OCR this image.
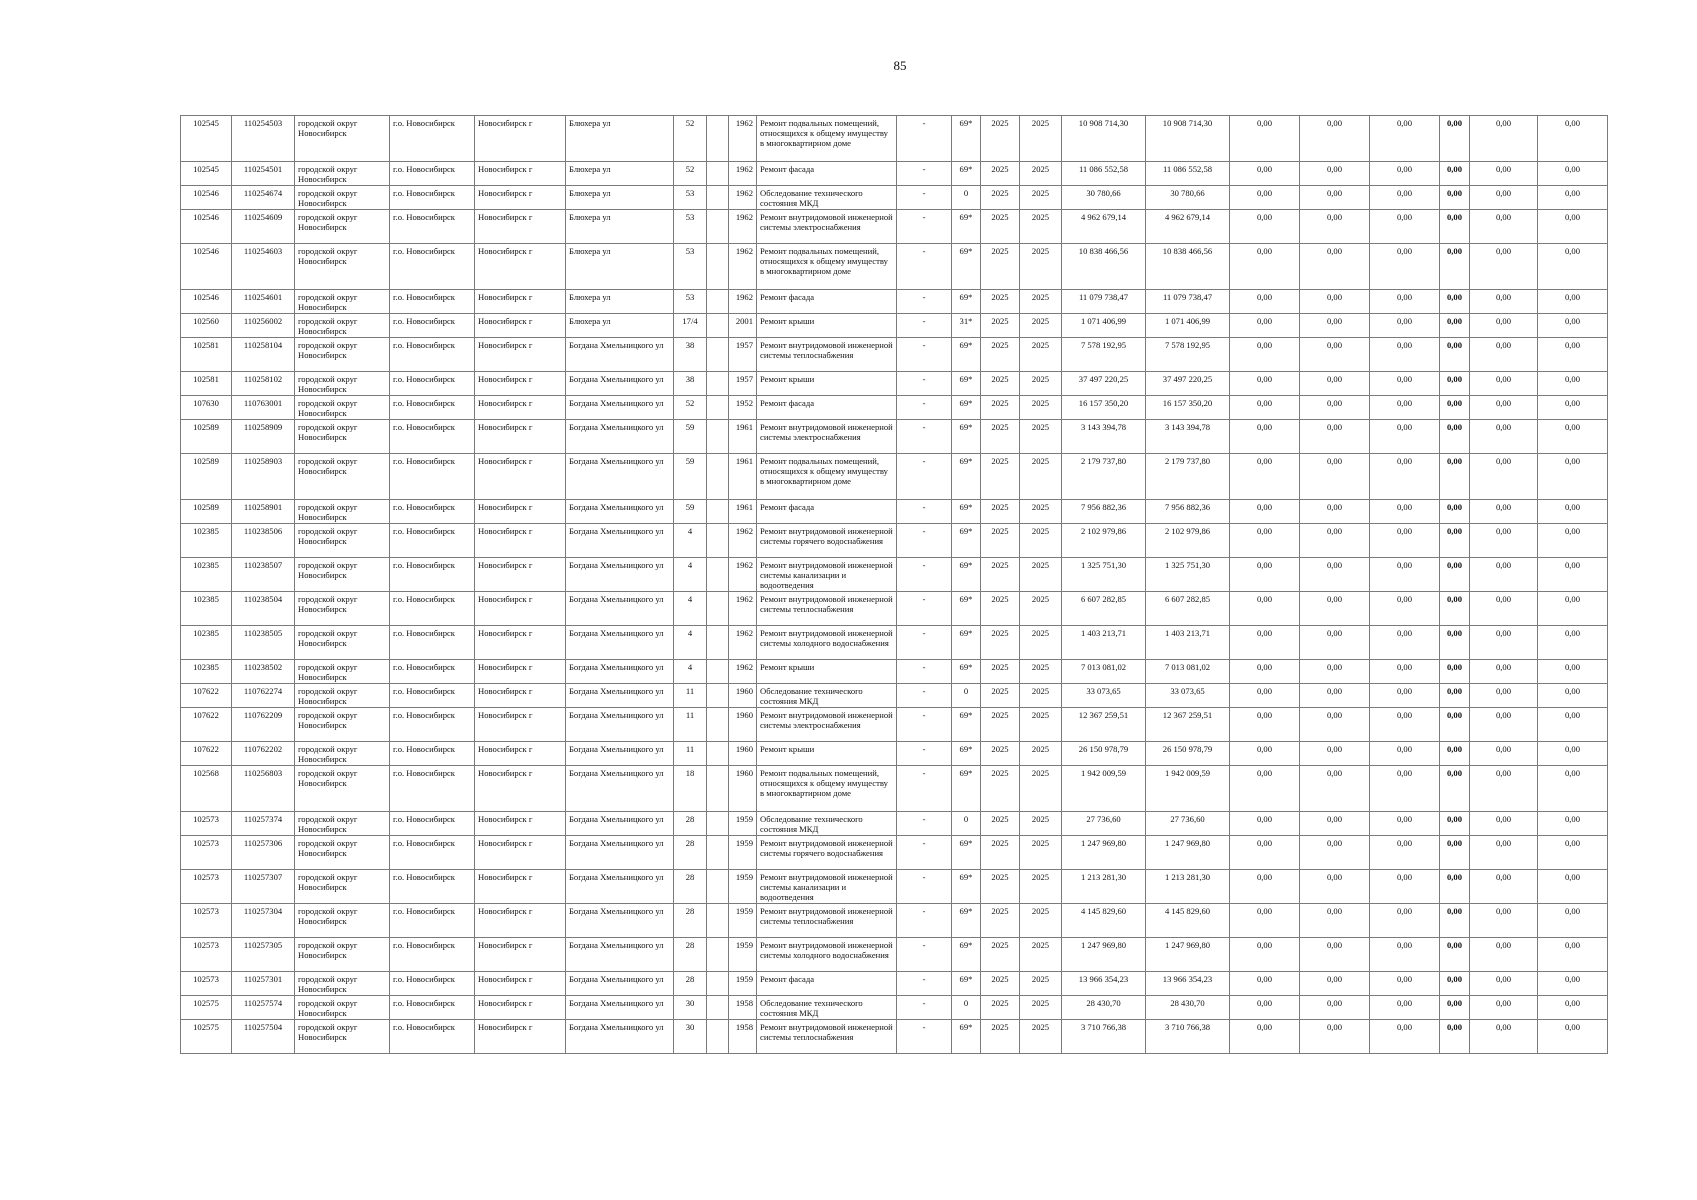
85
102545	110254503	городской округ Новосибирск	г.о. Новосибирск	Новосибирск г	Блюхера ул	52		1962	Ремонт подвальных помещений, относящихся к общему имуществу в многоквартирном доме	-	69*	2025	2025	10 908 714,30	10 908 714,30	0,00	0,00	0,00	0,00	0,00	0,00
102545	110254501	городской округ Новосибирск	г.о. Новосибирск	Новосибирск г	Блюхера ул	52		1962	Ремонт фасада	-	69*	2025	2025	11 086 552,58	11 086 552,58	0,00	0,00	0,00	0,00	0,00	0,00
102546	110254674	городской округ Новосибирск	г.о. Новосибирск	Новосибирск г	Блюхера ул	53		1962	Обследование технического состояния МКД	-	0	2025	2025	30 780,66	30 780,66	0,00	0,00	0,00	0,00	0,00	0,00
102546	110254609	городской округ Новосибирск	г.о. Новосибирск	Новосибирск г	Блюхера ул	53		1962	Ремонт внутридомовой инженерной системы электроснабжения	-	69*	2025	2025	4 962 679,14	4 962 679,14	0,00	0,00	0,00	0,00	0,00	0,00
102546	110254603	городской округ Новосибирск	г.о. Новосибирск	Новосибирск г	Блюхера ул	53		1962	Ремонт подвальных помещений, относящихся к общему имуществу в многоквартирном доме	-	69*	2025	2025	10 838 466,56	10 838 466,56	0,00	0,00	0,00	0,00	0,00	0,00
102546	110254601	городской округ Новосибирск	г.о. Новосибирск	Новосибирск г	Блюхера ул	53		1962	Ремонт фасада	-	69*	2025	2025	11 079 738,47	11 079 738,47	0,00	0,00	0,00	0,00	0,00	0,00
102560	110256002	городской округ Новосибирск	г.о. Новосибирск	Новосибирск г	Блюхера ул	17/4		2001	Ремонт крыши	-	31*	2025	2025	1 071 406,99	1 071 406,99	0,00	0,00	0,00	0,00	0,00	0,00
102581	110258104	городской округ Новосибирск	г.о. Новосибирск	Новосибирск г	Богдана Хмельницкого ул	38		1957	Ремонт внутридомовой инженерной системы теплоснабжения	-	69*	2025	2025	7 578 192,95	7 578 192,95	0,00	0,00	0,00	0,00	0,00	0,00
102581	110258102	городской округ Новосибирск	г.о. Новосибирск	Новосибирск г	Богдана Хмельницкого ул	38		1957	Ремонт крыши	-	69*	2025	2025	37 497 220,25	37 497 220,25	0,00	0,00	0,00	0,00	0,00	0,00
107630	110763001	городской округ Новосибирск	г.о. Новосибирск	Новосибирск г	Богдана Хмельницкого ул	52		1952	Ремонт фасада	-	69*	2025	2025	16 157 350,20	16 157 350,20	0,00	0,00	0,00	0,00	0,00	0,00
102589	110258909	городской округ Новосибирск	г.о. Новосибирск	Новосибирск г	Богдана Хмельницкого ул	59		1961	Ремонт внутридомовой инженерной системы электроснабжения	-	69*	2025	2025	3 143 394,78	3 143 394,78	0,00	0,00	0,00	0,00	0,00	0,00
102589	110258903	городской округ Новосибирск	г.о. Новосибирск	Новосибирск г	Богдана Хмельницкого ул	59		1961	Ремонт подвальных помещений, относящихся к общему имуществу в многоквартирном доме	-	69*	2025	2025	2 179 737,80	2 179 737,80	0,00	0,00	0,00	0,00	0,00	0,00
102589	110258901	городской округ Новосибирск	г.о. Новосибирск	Новосибирск г	Богдана Хмельницкого ул	59		1961	Ремонт фасада	-	69*	2025	2025	7 956 882,36	7 956 882,36	0,00	0,00	0,00	0,00	0,00	0,00
102385	110238506	городской округ Новосибирск	г.о. Новосибирск	Новосибирск г	Богдана Хмельницкого ул	4		1962	Ремонт внутридомовой инженерной системы горячего водоснабжения	-	69*	2025	2025	2 102 979,86	2 102 979,86	0,00	0,00	0,00	0,00	0,00	0,00
102385	110238507	городской округ Новосибирск	г.о. Новосибирск	Новосибирск г	Богдана Хмельницкого ул	4		1962	Ремонт внутридомовой инженерной системы канализации и водоотведения	-	69*	2025	2025	1 325 751,30	1 325 751,30	0,00	0,00	0,00	0,00	0,00	0,00
102385	110238504	городской округ Новосибирск	г.о. Новосибирск	Новосибирск г	Богдана Хмельницкого ул	4		1962	Ремонт внутридомовой инженерной системы теплоснабжения	-	69*	2025	2025	6 607 282,85	6 607 282,85	0,00	0,00	0,00	0,00	0,00	0,00
102385	110238505	городской округ Новосибирск	г.о. Новосибирск	Новосибирск г	Богдана Хмельницкого ул	4		1962	Ремонт внутридомовой инженерной системы холодного водоснабжения	-	69*	2025	2025	1 403 213,71	1 403 213,71	0,00	0,00	0,00	0,00	0,00	0,00
102385	110238502	городской округ Новосибирск	г.о. Новосибирск	Новосибирск г	Богдана Хмельницкого ул	4		1962	Ремонт крыши	-	69*	2025	2025	7 013 081,02	7 013 081,02	0,00	0,00	0,00	0,00	0,00	0,00
107622	110762274	городской округ Новосибирск	г.о. Новосибирск	Новосибирск г	Богдана Хмельницкого ул	11		1960	Обследование технического состояния МКД	-	0	2025	2025	33 073,65	33 073,65	0,00	0,00	0,00	0,00	0,00	0,00
107622	110762209	городской округ Новосибирск	г.о. Новосибирск	Новосибирск г	Богдана Хмельницкого ул	11		1960	Ремонт внутридомовой инженерной системы электроснабжения	-	69*	2025	2025	12 367 259,51	12 367 259,51	0,00	0,00	0,00	0,00	0,00	0,00
107622	110762202	городской округ Новосибирск	г.о. Новосибирск	Новосибирск г	Богдана Хмельницкого ул	11		1960	Ремонт крыши	-	69*	2025	2025	26 150 978,79	26 150 978,79	0,00	0,00	0,00	0,00	0,00	0,00
102568	110256803	городской округ Новосибирск	г.о. Новосибирск	Новосибирск г	Богдана Хмельницкого ул	18		1960	Ремонт подвальных помещений, относящихся к общему имуществу в многоквартирном доме	-	69*	2025	2025	1 942 009,59	1 942 009,59	0,00	0,00	0,00	0,00	0,00	0,00
102573	110257374	городской округ Новосибирск	г.о. Новосибирск	Новосибирск г	Богдана Хмельницкого ул	28		1959	Обследование технического состояния МКД	-	0	2025	2025	27 736,60	27 736,60	0,00	0,00	0,00	0,00	0,00	0,00
102573	110257306	городской округ Новосибирск	г.о. Новосибирск	Новосибирск г	Богдана Хмельницкого ул	28		1959	Ремонт внутридомовой инженерной системы горячего водоснабжения	-	69*	2025	2025	1 247 969,80	1 247 969,80	0,00	0,00	0,00	0,00	0,00	0,00
102573	110257307	городской округ Новосибирск	г.о. Новосибирск	Новосибирск г	Богдана Хмельницкого ул	28		1959	Ремонт внутридомовой инженерной системы канализации и водоотведения	-	69*	2025	2025	1 213 281,30	1 213 281,30	0,00	0,00	0,00	0,00	0,00	0,00
102573	110257304	городской округ Новосибирск	г.о. Новосибирск	Новосибирск г	Богдана Хмельницкого ул	28		1959	Ремонт внутридомовой инженерной системы теплоснабжения	-	69*	2025	2025	4 145 829,60	4 145 829,60	0,00	0,00	0,00	0,00	0,00	0,00
102573	110257305	городской округ Новосибирск	г.о. Новосибирск	Новосибирск г	Богдана Хмельницкого ул	28		1959	Ремонт внутридомовой инженерной системы холодного водоснабжения	-	69*	2025	2025	1 247 969,80	1 247 969,80	0,00	0,00	0,00	0,00	0,00	0,00
102573	110257301	городской округ Новосибирск	г.о. Новосибирск	Новосибирск г	Богдана Хмельницкого ул	28		1959	Ремонт фасада	-	69*	2025	2025	13 966 354,23	13 966 354,23	0,00	0,00	0,00	0,00	0,00	0,00
102575	110257574	городской округ Новосибирск	г.о. Новосибирск	Новосибирск г	Богдана Хмельницкого ул	30		1958	Обследование технического состояния МКД	-	0	2025	2025	28 430,70	28 430,70	0,00	0,00	0,00	0,00	0,00	0,00
102575	110257504	городской округ Новосибирск	г.о. Новосибирск	Новосибирск г	Богдана Хмельницкого ул	30		1958	Ремонт внутридомовой инженерной системы теплоснабжения	-	69*	2025	2025	3 710 766,38	3 710 766,38	0,00	0,00	0,00	0,00	0,00	0,00
